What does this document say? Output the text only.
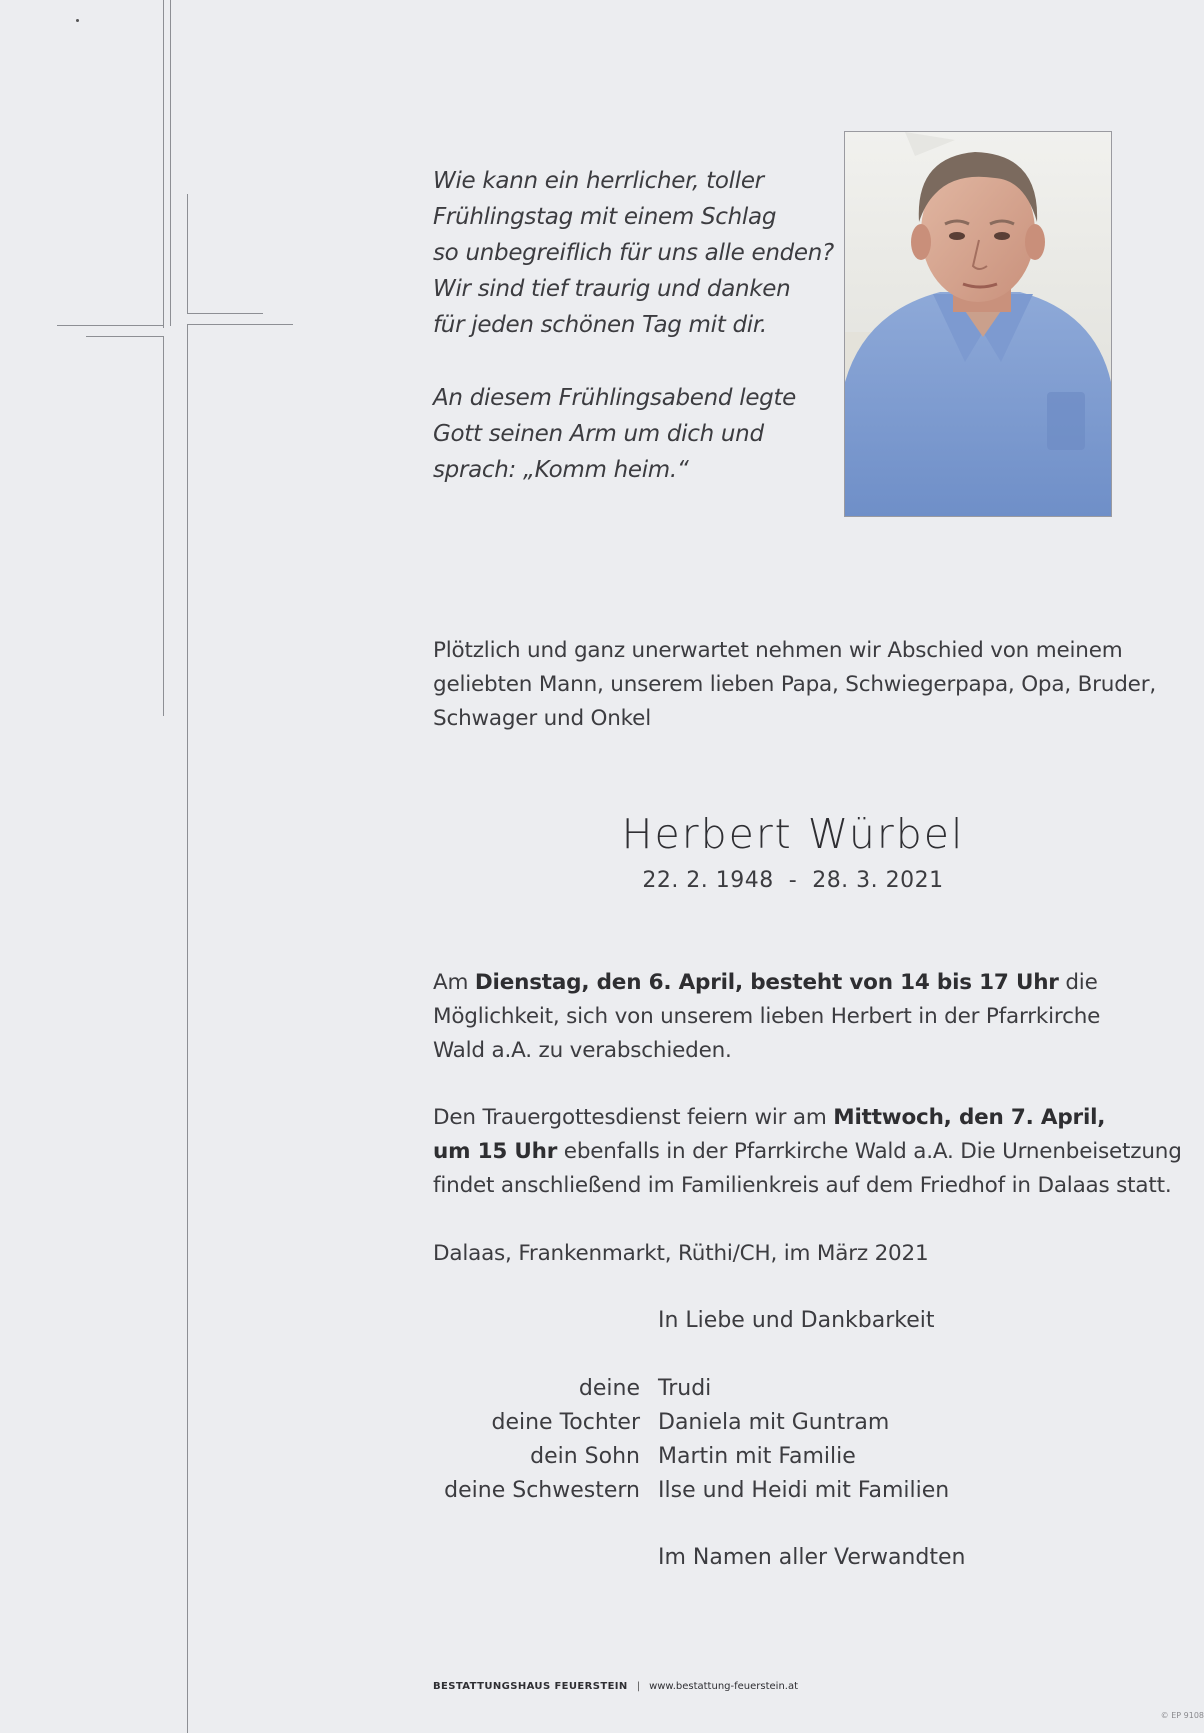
Wie kann ein herrlicher, toller
Frühlingstag mit einem Schlag
so unbegreiflich für uns alle enden?
Wir sind tief traurig und danken
für jeden schönen Tag mit dir.
An diesem Frühlingsabend legte
Gott seinen Arm um dich und
sprach: „Komm heim.“
Plötzlich und ganz unerwartet nehmen wir Abschied von meinem
geliebten Mann, unserem lieben Papa, Schwiegerpapa, Opa, Bruder,
Schwager und Onkel
Herbert Würbel
22. 2. 1948  -  28. 3. 2021
Am Dienstag, den 6. April, besteht von 14 bis 17 Uhr die
Möglichkeit, sich von unserem lieben Herbert in der Pfarrkirche
Wald a.A. zu verabschieden.
Den Trauergottesdienst feiern wir am Mittwoch, den 7. April,
um 15 Uhr ebenfalls in der Pfarrkirche Wald a.A. Die Urnenbeisetzung
findet anschließend im Familienkreis auf dem Friedhof in Dalaas statt.
Dalaas, Frankenmarkt, Rüthi/CH, im März 2021
In Liebe und Dankbarkeit
deine Trudi
deine Tochter Daniela mit Guntram
dein Sohn Martin mit Familie
deine Schwestern Ilse und Heidi mit Familien
Im Namen aller Verwandten
BESTATTUNGSHAUS FEUERSTEIN | www.bestattung-feuerstein.at
© EP 9108
